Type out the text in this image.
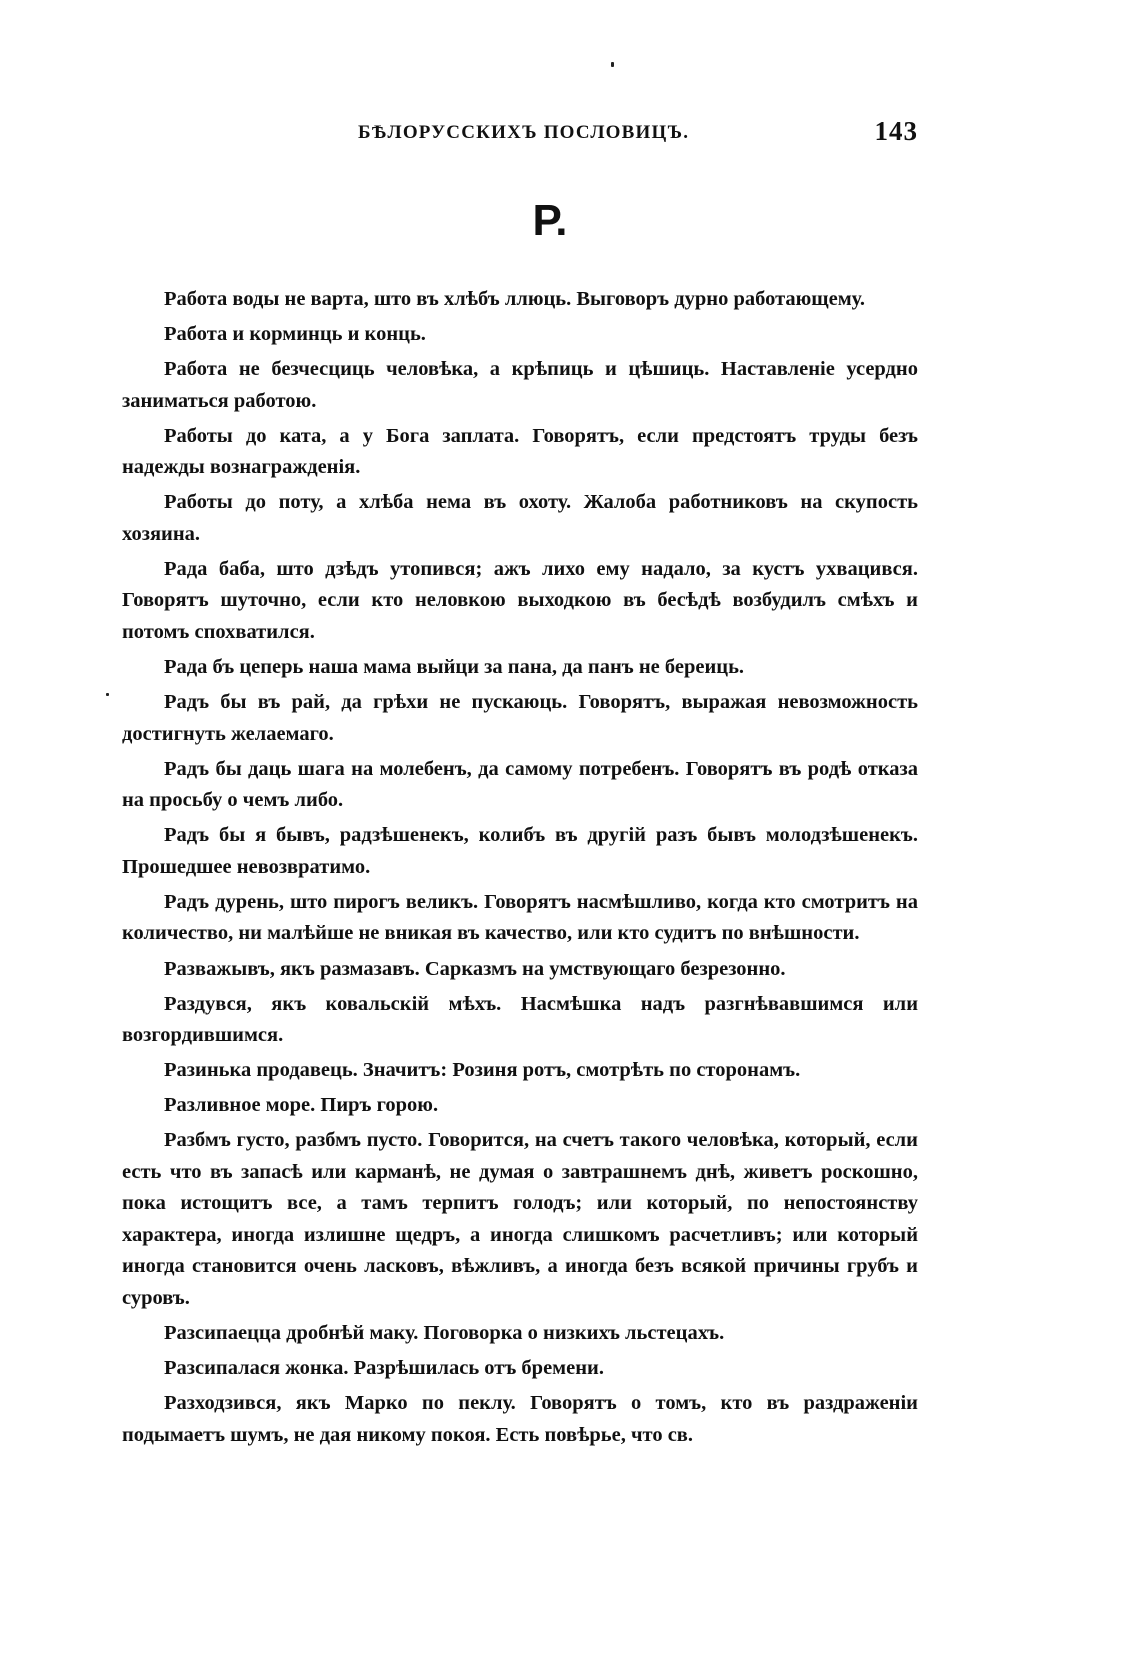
БѢЛОРУССКИХЪ ПОСЛОВИЦЪ.	143
Р.

Работа воды не варта, што въ хлѣбъ ллюць. Выговоръ дурно работающему.

Работа и корминць и конць.

Работа не безчесциць человѣка, а крѣпиць и цѣшиць. Наставленіе усердно заниматься работою.

Работы до ката, а у Бога заплата. Говорятъ, если предстоятъ труды безъ надежды вознагражденія.

Работы до поту, а хлѣба нема въ охоту. Жалоба работниковъ на скупость хозяина.

Рада баба, што дзѣдъ утопився; ажъ лихо ему надало, за кустъ ухвацився. Говорятъ шуточно, если кто неловкою выходкою въ бесѣдѣ возбудилъ смѣхъ и потомъ спохватился.

Рада бъ цеперь наша мама выйци за пана, да панъ не береиць.

Радъ бы въ рай, да грѣхи не пускаюць. Говорятъ, выражая невозможность достигнуть желаемаго.

Радъ бы даць шага на молебенъ, да самому потребенъ. Говорятъ въ родѣ отказа на просьбу о чемъ либо.

Радъ бы я бывъ, радзѣшенекъ, колибъ въ другій разъ бывъ молодзѣшенекъ. Прошедшее невозвратимо.

Радъ дурень, што пирогъ великъ. Говорятъ насмѣшливо, когда кто смотритъ на количество, ни малѣйше не вникая въ качество, или кто судитъ по внѣшности.

Разважывъ, якъ размазавъ. Сарказмъ на умствующаго безрезонно.

Раздувся, якъ ковальскій мѣхъ. Насмѣшка надъ разгнѣвавшимся или возгордившимся.

Разинька продавець. Значитъ: Розиня ротъ, смотрѣть по сторонамъ.

Разливное море. Пиръ горою.

Разбмъ густо, разбмъ пусто. Говорится, на счетъ такого человѣка, который, если есть что въ запасѣ или карманѣ, не думая о завтрашнемъ днѣ, живетъ роскошно, пока истощитъ все, а тамъ терпитъ голодъ; или который, по непостоянству характера, иногда излишне щедръ, а иногда слишкомъ расчетливъ; или который иногда становится очень ласковъ, вѣжливъ, а иногда безъ всякой причины грубъ и суровъ.

Разсипаецца дробнѣй маку. Поговорка о низкихъ льстецахъ.

Разсипалася жонка. Разрѣшилась отъ бремени.

Разходзився, якъ Марко по пеклу. Говорятъ о томъ, кто въ раздраженіи подымаетъ шумъ, не дая никому покоя. Есть повѣрье, что св.
